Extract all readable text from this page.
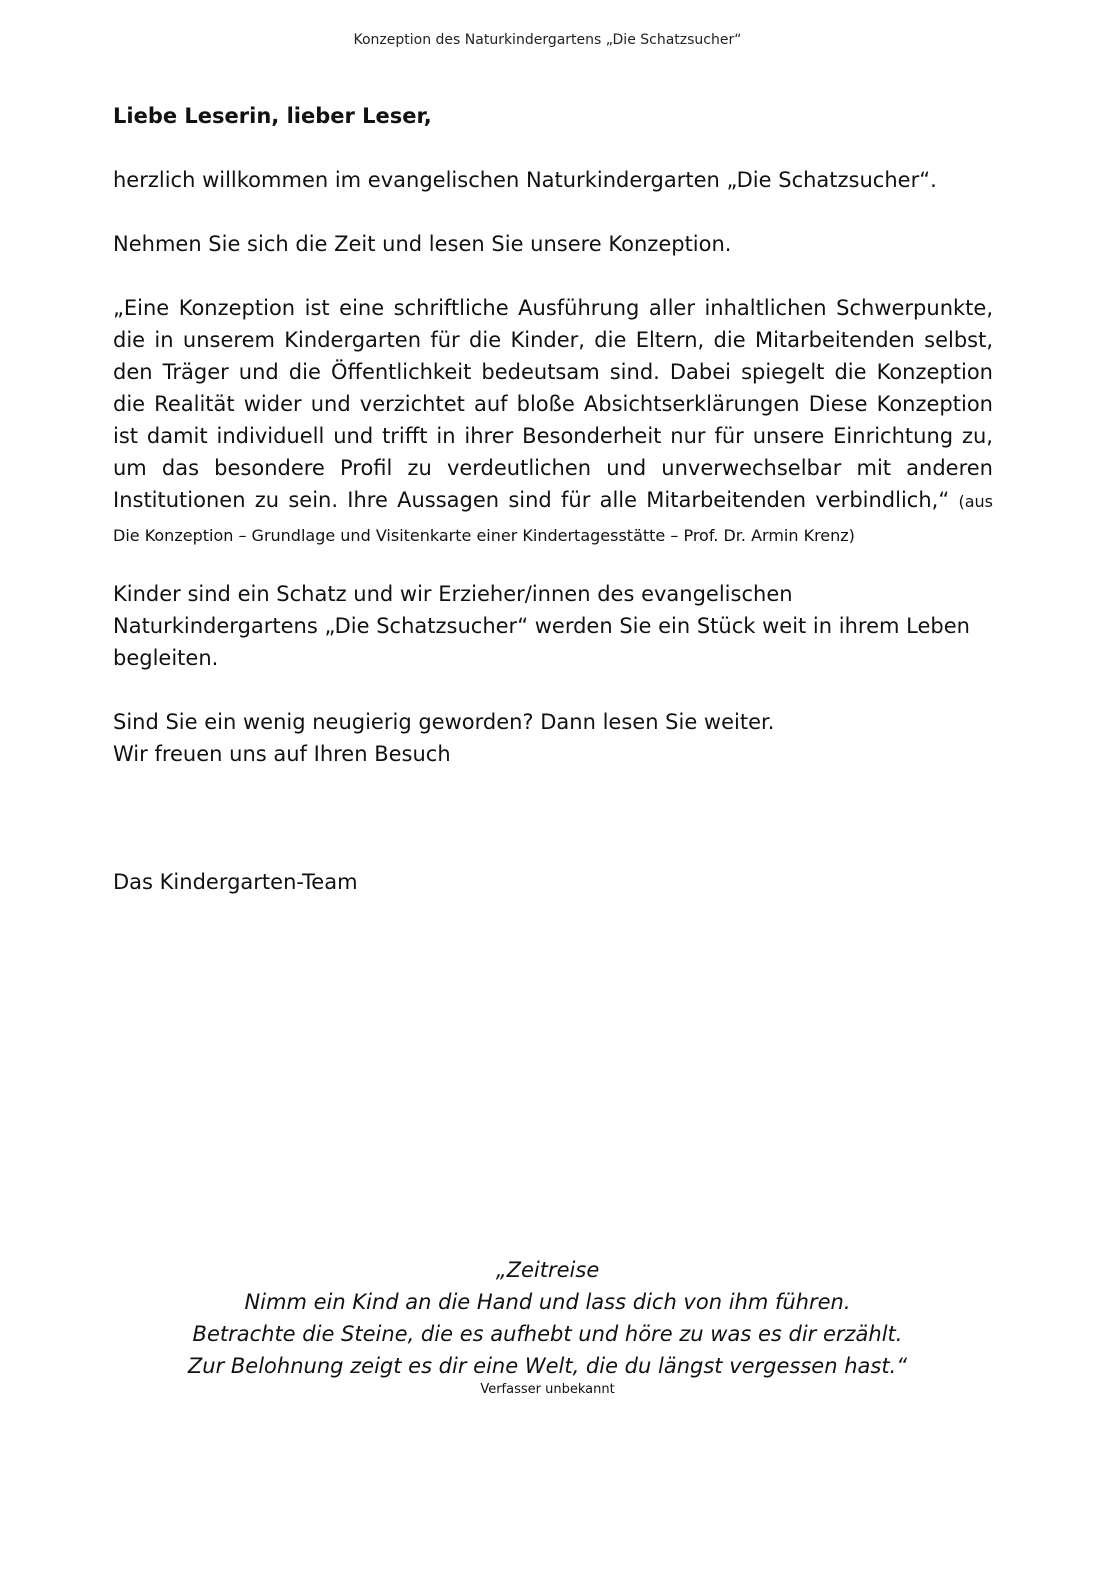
Konzeption des Naturkindergartens „Die Schatzsucher“

Liebe Leserin, lieber Leser,

herzlich willkommen im evangelischen Naturkindergarten „Die Schatzsucher“.

Nehmen Sie sich die Zeit und lesen Sie unsere Konzeption.

„Eine Konzeption ist eine schriftliche Ausführung aller inhaltlichen Schwerpunkte, die in unserem Kindergarten für die Kinder, die Eltern, die Mitarbeitenden selbst, den Träger und die Öffentlichkeit bedeutsam sind. Dabei spiegelt die Konzeption die Realität wider und verzichtet auf bloße Absichtserklärungen Diese Konzeption ist damit individuell und trifft in ihrer Besonderheit nur für unsere Einrichtung zu, um das besondere Profil zu verdeutlichen und unverwechselbar mit anderen Institutionen zu sein. Ihre Aussagen sind für alle Mitarbeitenden verbindlich,“ (aus Die Konzeption – Grundlage und Visitenkarte einer Kindertagesstätte – Prof. Dr. Armin Krenz)

Kinder sind ein Schatz und wir Erzieher/innen des evangelischen Naturkindergartens „Die Schatzsucher“ werden Sie ein Stück weit in ihrem Leben begleiten.

Sind Sie ein wenig neugierig geworden? Dann lesen Sie weiter.

Wir freuen uns auf Ihren Besuch

Das Kindergarten-Team
„Zeitreise
Nimm ein Kind an die Hand und lass dich von ihm führen.
Betrachte die Steine, die es aufhebt und höre zu was es dir erzählt.
Zur Belohnung zeigt es dir eine Welt, die du längst vergessen hast.“
Verfasser unbekannt
